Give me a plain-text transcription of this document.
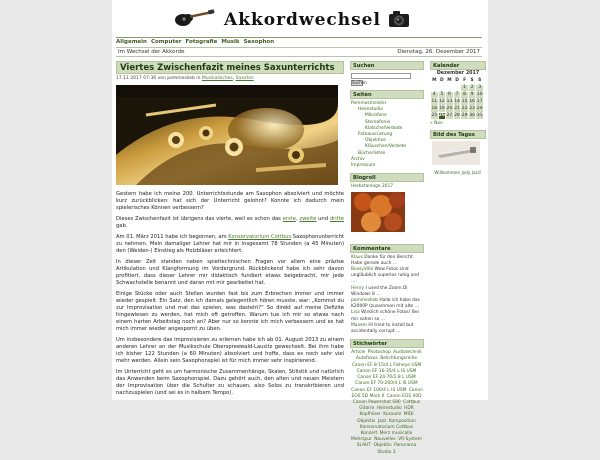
Akkordwechsel
Allgemein Computer Fotografie Musik Saxophon
Im Wechsel der Akkorde	Dienstag, 26. Dezember 2017
Viertes Zwischenfazit meines Saxunterrichts
17.11.2017 07:36 von pommeslieb in Musikalisches, Saxofon

Gestern habe ich meine 200. Unterrichtsstunde am Saxophon absolviert und möchte kurz zurückblicken: hat sich der Unterricht gelohnt? Konnte ich dadurch mein spielerisches Können verbessern?

Dieses Zwischenfazit ist übrigens das vierte, weil es schon das erste, zweite und dritte gab.

Am 01. März 2011 habe ich begonnen, am Konservatorium Cottbus Saxophonunterricht zu nehmen. Mein damaliger Lehrer hat mir in insgesamt 78 Stunden (a 45 Minuten) den (Weiden-) Einstieg als Holzbläser erleichtert.

In dieser Zeit standen neben spieltechnischen Fragen vor allem eine präzise Artikulation und Klangformung im Vordergrund. Rückblickend habe ich sehr davon profitiert, dass dieser Lehrer mir didaktisch fundiert etwas beigebracht, mir jede Schwachstelle benannt und daran mit mir gearbeitet hat.

Einige Stücke oder auch Stellen wurden fast bis zum Erbrechen immer und immer wieder gespielt. Ein Satz, den ich damals gelegentlich hören musste, war: „Kommst du zur Improvisation und mal das spielen, was dasteht?“ So direkt auf meine Defizite hingewiesen zu werden, hat mich oft getroffen. Warum tue ich mir so etwas nach einem harten Arbeitstag noch an? Aber nur so konnte ich mich verbessern und es hat mich immer wieder angespornt zu üben.

Um insbesondere das Improvisieren zu erlernen habe ich ab 01. August 2013 zu einem anderen Lehrer an der Musikschule Oberspreewald-Lausitz gewechselt. Bei ihm habe ich bisher 122 Stunden (a 60 Minuten) absolviert und hoffe, dass es noch sehr viel mehr werden. Allein sein Saxophonspiel ist für mich immer sehr inspirierend.

Im Unterricht geht es um harmonische Zusammenhänge, Skalen, Stilistik und natürlich das Anwenden beim Saxophonspiel. Dazu gehört auch, den alten und neuen Meistern der Improvisation über die Schulter zu schauen, also Solos zu transkribieren und nachzuspielen (und sei es in halbem Tempo).

Suchen
Suchen
Seiten
Pommesmeister
Heimstudio
Mikrofone
Stereofonie
Klatsche/Verbote
Fotoausrüstung
Objektive
Kläuschen/Verbote
Bücherlisten
Archiv
Impressum
Blogroll
Herbstanlage 2017
Kommentare
Klaus Danke für den Bericht. Habe gerade auch …
BossyVille Wow Fotos sind ungläublich superlos ruhig und …
Henry I used the Zoom Di Windows 8 …
pommeslieb Hallo ich habe das K2000P (zusammen mit alte …
Lisa Wirklich schöne Fotos! Bei mir sahen so …
Maxem Hi tried to install but accidentally corrupt …
Stichwörter
Article Photoshop Audiotechnik Autofokus Belichtungsreihe Canon EF 8-15/4 L Fisheye USM Canon EF 16-35/4 L IS USM Canon EF 24-70/2.8 L USM Canon EF 70-200/4 L IS USM Canon EF 100/4 L IS USM Canon EOS 5D Mark II Canon EOS 40D Canon Powershot S90 Cottbus Gitarre Heimstudio HDR Kopfhörer Kuroumi MIDI Objektiv Jazz Komposition Konservatorium Cottbus Konzert Merz musicallo Mehrspur Nouvelles VR-System SLAHT Objektiv Panorama Studio 3
Kalender
Dezember 2017
M	D	M	D	F	S	S
				1	2	3
4	5	6	7	8	9	10
11	12	13	14	15	16	17
18	19	20	21	22	23	24
25	26	27	28	29	30	31
« Nov
Bild des Tages
Willkommen Jody Jazz!
